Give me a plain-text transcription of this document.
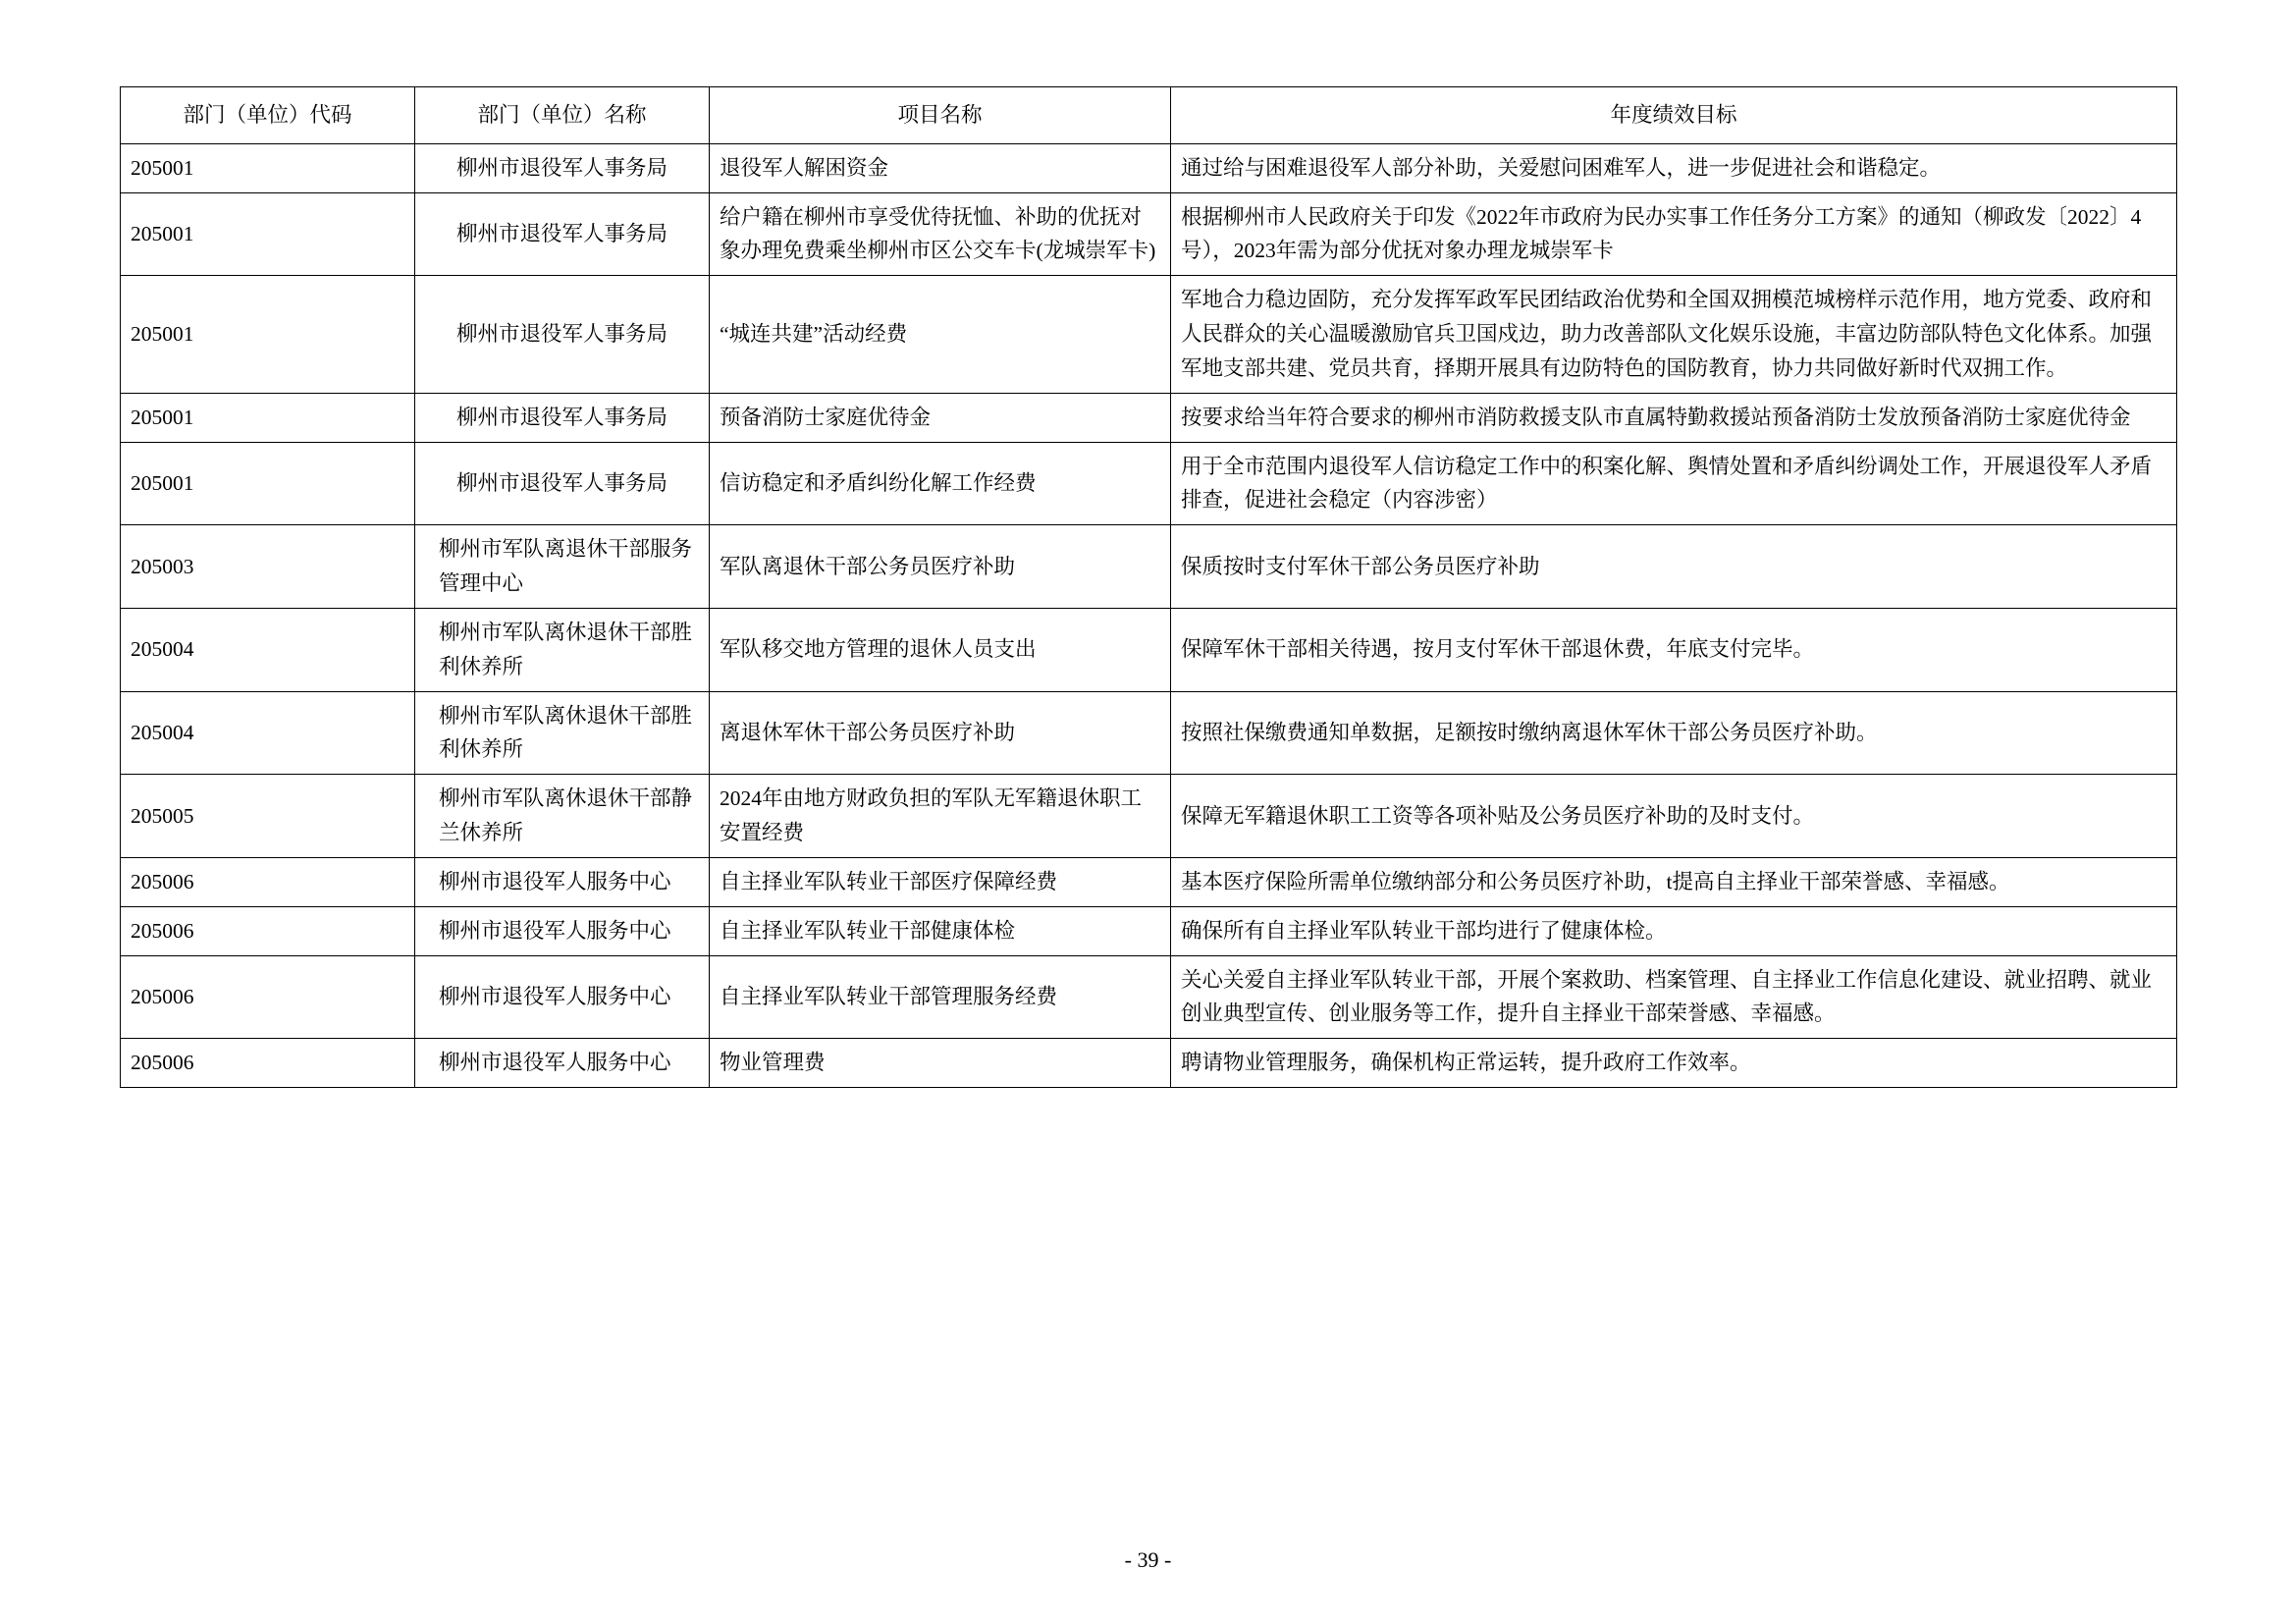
部门（单位）代码	部门（单位）名称	项目名称	年度绩效目标
205001	柳州市退役军人事务局	退役军人解困资金	通过给与困难退役军人部分补助，关爱慰问困难军人，进一步促进社会和谐稳定。
205001	柳州市退役军人事务局	给户籍在柳州市享受优待抚恤、补助的优抚对象办理免费乘坐柳州市区公交车卡(龙城崇军卡)	根据柳州市人民政府关于印发《2022年市政府为民办实事工作任务分工方案》的通知（柳政发〔2022〕4号），2023年需为部分优抚对象办理龙城崇军卡
205001	柳州市退役军人事务局	“城连共建”活动经费	军地合力稳边固防，充分发挥军政军民团结政治优势和全国双拥模范城榜样示范作用，地方党委、政府和人民群众的关心温暖激励官兵卫国戍边，助力改善部队文化娱乐设施，丰富边防部队特色文化体系。加强军地支部共建、党员共育，择期开展具有边防特色的国防教育，协力共同做好新时代双拥工作。
205001	柳州市退役军人事务局	预备消防士家庭优待金	按要求给当年符合要求的柳州市消防救援支队市直属特勤救援站预备消防士发放预备消防士家庭优待金
205001	柳州市退役军人事务局	信访稳定和矛盾纠纷化解工作经费	用于全市范围内退役军人信访稳定工作中的积案化解、舆情处置和矛盾纠纷调处工作，开展退役军人矛盾排查，促进社会稳定（内容涉密）
205003	柳州市军队离退休干部服务管理中心	军队离退休干部公务员医疗补助	保质按时支付军休干部公务员医疗补助
205004	柳州市军队离休退休干部胜利休养所	军队移交地方管理的退休人员支出	保障军休干部相关待遇，按月支付军休干部退休费，年底支付完毕。
205004	柳州市军队离休退休干部胜利休养所	离退休军休干部公务员医疗补助	按照社保缴费通知单数据，足额按时缴纳离退休军休干部公务员医疗补助。
205005	柳州市军队离休退休干部静兰休养所	2024年由地方财政负担的军队无军籍退休职工安置经费	保障无军籍退休职工工资等各项补贴及公务员医疗补助的及时支付。
205006	柳州市退役军人服务中心	自主择业军队转业干部医疗保障经费	基本医疗保险所需单位缴纳部分和公务员医疗补助，t提高自主择业干部荣誉感、幸福感。
205006	柳州市退役军人服务中心	自主择业军队转业干部健康体检	确保所有自主择业军队转业干部均进行了健康体检。
205006	柳州市退役军人服务中心	自主择业军队转业干部管理服务经费	关心关爱自主择业军队转业干部，开展个案救助、档案管理、自主择业工作信息化建设、就业招聘、就业创业典型宣传、创业服务等工作，提升自主择业干部荣誉感、幸福感。
205006	柳州市退役军人服务中心	物业管理费	聘请物业管理服务，确保机构正常运转，提升政府工作效率。
- 39 -
